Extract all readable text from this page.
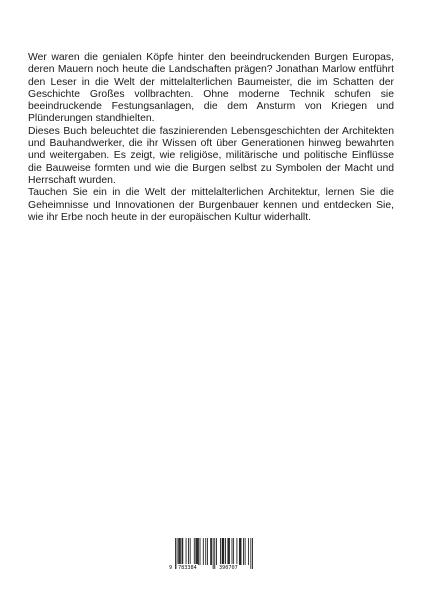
Wer waren die genialen Köpfe hinter den beeindruckenden Burgen Europas, deren Mauern noch heute die Landschaften prägen? Jonathan Marlow entführt den Leser in die Welt der mittelalterlichen Baumeister, die im Schatten der Geschichte Großes vollbrachten. Ohne moderne Technik schufen sie beeindruckende Festungsanlagen, die dem Ansturm von Kriegen und Plünderungen standhielten.

Dieses Buch beleuchtet die faszinierenden Lebensgeschichten der Architekten und Bauhandwerker, die ihr Wissen oft über Generationen hinweg bewahrten und weitergaben. Es zeigt, wie religiöse, militärische und politische Einflüsse die Bauweise formten und wie die Burgen selbst zu Symbolen der Macht und Herrschaft wurden.

Tauchen Sie ein in die Welt der mittelalterlichen Architektur, lernen Sie die Geheimnisse und Innovationen der Burgenbauer kennen und entdecken Sie, wie ihr Erbe noch heute in der europäischen Kultur widerhallt.

9 783384	390707
